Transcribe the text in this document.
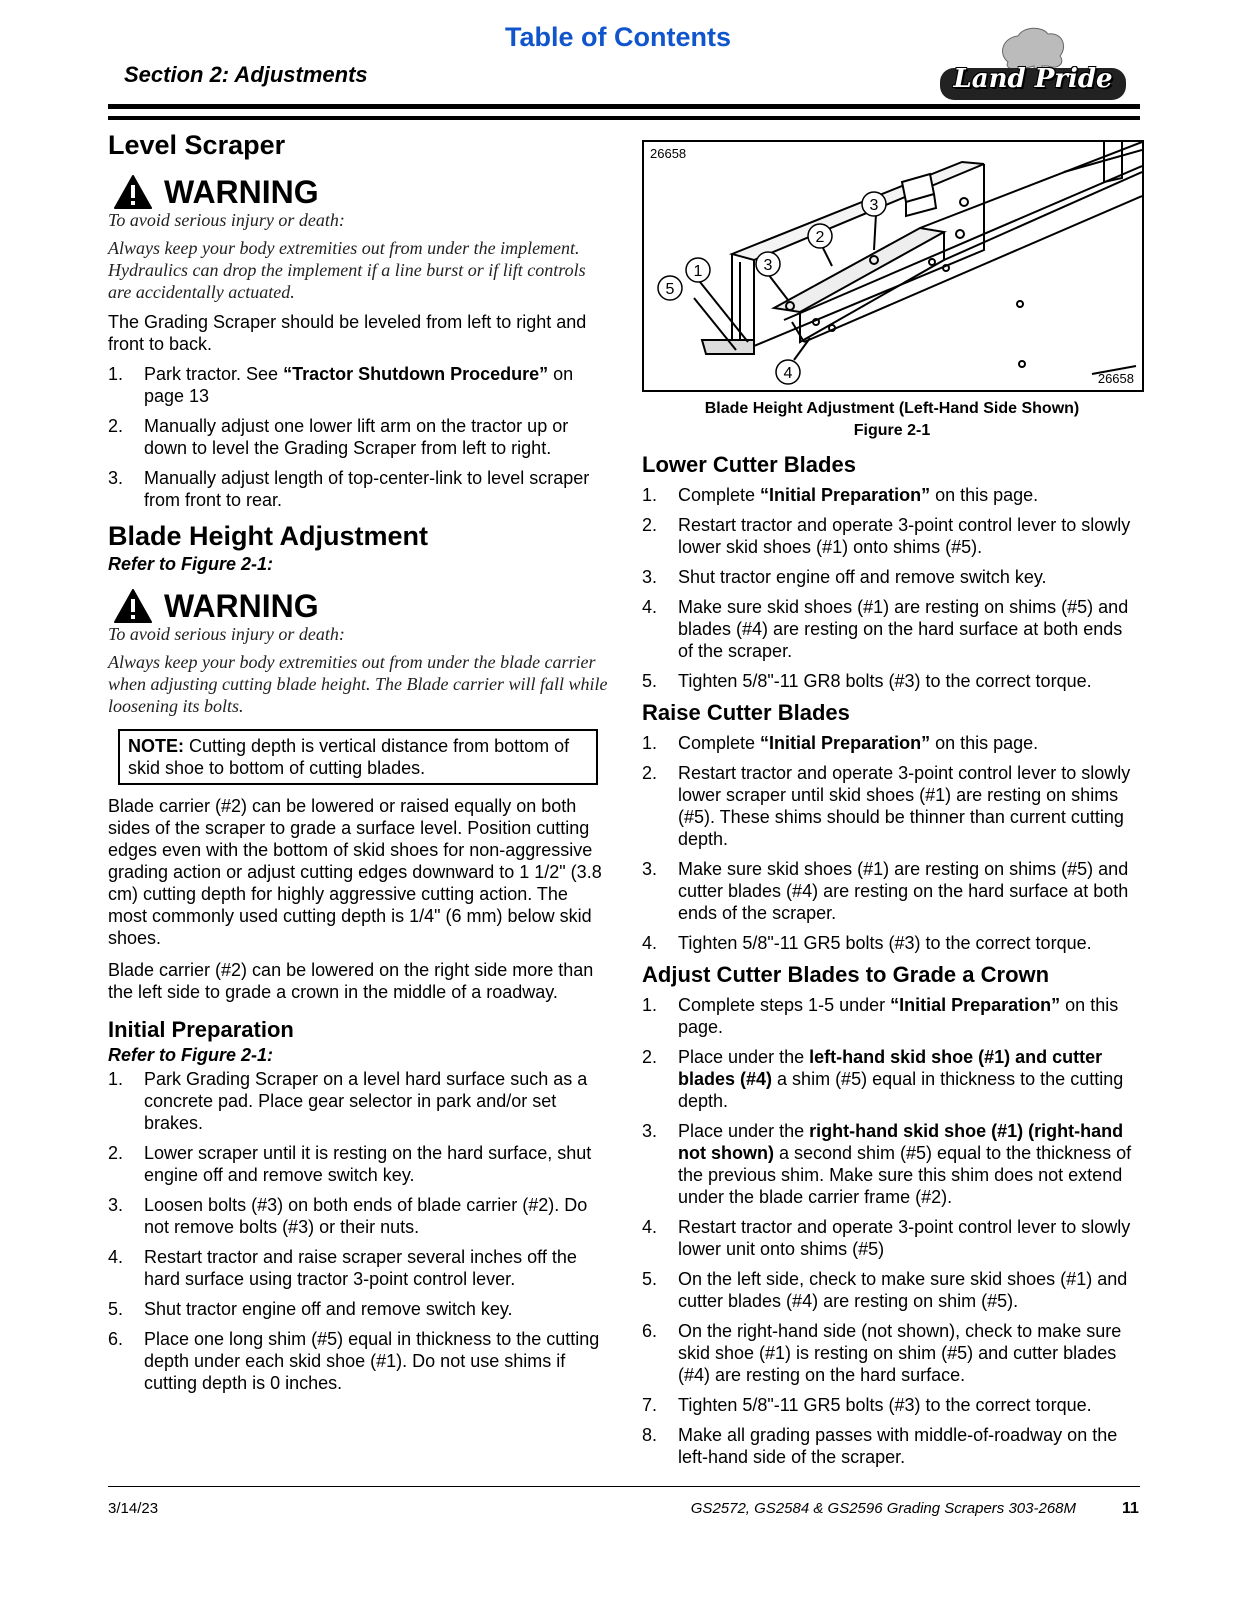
Table of Contents
Section 2: Adjustments	Land Pride
Level Scraper
WARNING
To avoid serious injury or death:
Always keep your body extremities out from under the implement. Hydraulics can drop the implement if a line burst or if lift controls are accidentally actuated.

The Grading Scraper should be leveled from left to right and front to back.

1. Park tractor. See “Tractor Shutdown Procedure” on page 13
2. Manually adjust one lower lift arm on the tractor up or down to level the Grading Scraper from left to right.
3. Manually adjust length of top-center-link to level scraper from front to rear.
Blade Height Adjustment
Refer to Figure 2-1:
WARNING
To avoid serious injury or death:
Always keep your body extremities out from under the blade carrier when adjusting cutting blade height. The Blade carrier will fall while loosening its bolts.
NOTE: Cutting depth is vertical distance from bottom of skid shoe to bottom of cutting blades.

Blade carrier (#2) can be lowered or raised equally on both sides of the scraper to grade a surface level. Position cutting edges even with the bottom of skid shoes for non-aggressive grading action or adjust cutting edges downward to 1 1/2" (3.8 cm) cutting depth for highly aggressive cutting action. The most commonly used cutting depth is 1/4" (6 mm) below skid shoes.

Blade carrier (#2) can be lowered on the right side more than the left side to grade a crown in the middle of a roadway.

Initial Preparation
Refer to Figure 2-1:
1. Park Grading Scraper on a level hard surface such as a concrete pad. Place gear selector in park and/or set brakes.
2. Lower scraper until it is resting on the hard surface, shut engine off and remove switch key.
3. Loosen bolts (#3) on both ends of blade carrier (#2). Do not remove bolts (#3) or their nuts.
4. Restart tractor and raise scraper several inches off the hard surface using tractor 3-point control lever.
5. Shut tractor engine off and remove switch key.
6. Place one long shim (#5) equal in thickness to the cutting depth under each skid shoe (#1). Do not use shims if cutting depth is 0 inches.
1
5
2
3
3
4
26658
26658
Blade Height Adjustment (Left-Hand Side Shown)
Figure 2-1
Lower Cutter Blades
1. Complete “Initial Preparation” on this page.
2. Restart tractor and operate 3-point control lever to slowly lower skid shoes (#1) onto shims (#5).
3. Shut tractor engine off and remove switch key.
4. Make sure skid shoes (#1) are resting on shims (#5) and blades (#4) are resting on the hard surface at both ends of the scraper.
5. Tighten 5/8"-11 GR8 bolts (#3) to the correct torque.
Raise Cutter Blades
1. Complete “Initial Preparation” on this page.
2. Restart tractor and operate 3-point control lever to slowly lower scraper until skid shoes (#1) are resting on shims (#5). These shims should be thinner than current cutting depth.
3. Make sure skid shoes (#1) are resting on shims (#5) and cutter blades (#4) are resting on the hard surface at both ends of the scraper.
4. Tighten 5/8"-11 GR5 bolts (#3) to the correct torque.
Adjust Cutter Blades to Grade a Crown
1. Complete steps 1-5 under “Initial Preparation” on this page.
2. Place under the left-hand skid shoe (#1) and cutter blades (#4) a shim (#5) equal in thickness to the cutting depth.
3. Place under the right-hand skid shoe (#1) (right-hand not shown) a second shim (#5) equal to the thickness of the previous shim. Make sure this shim does not extend under the blade carrier frame (#2).
4. Restart tractor and operate 3-point control lever to slowly lower unit onto shims (#5)
5. On the left side, check to make sure skid shoes (#1) and cutter blades (#4) are resting on shim (#5).
6. On the right-hand side (not shown), check to make sure skid shoe (#1) is resting on shim (#5) and cutter blades (#4) are resting on the hard surface.
7. Tighten 5/8"-11 GR5 bolts (#3) to the correct torque.
8. Make all grading passes with middle-of-roadway on the left-hand side of the scraper.
3/14/23	GS2572, GS2584 & GS2596 Grading Scrapers 303-268M	11
